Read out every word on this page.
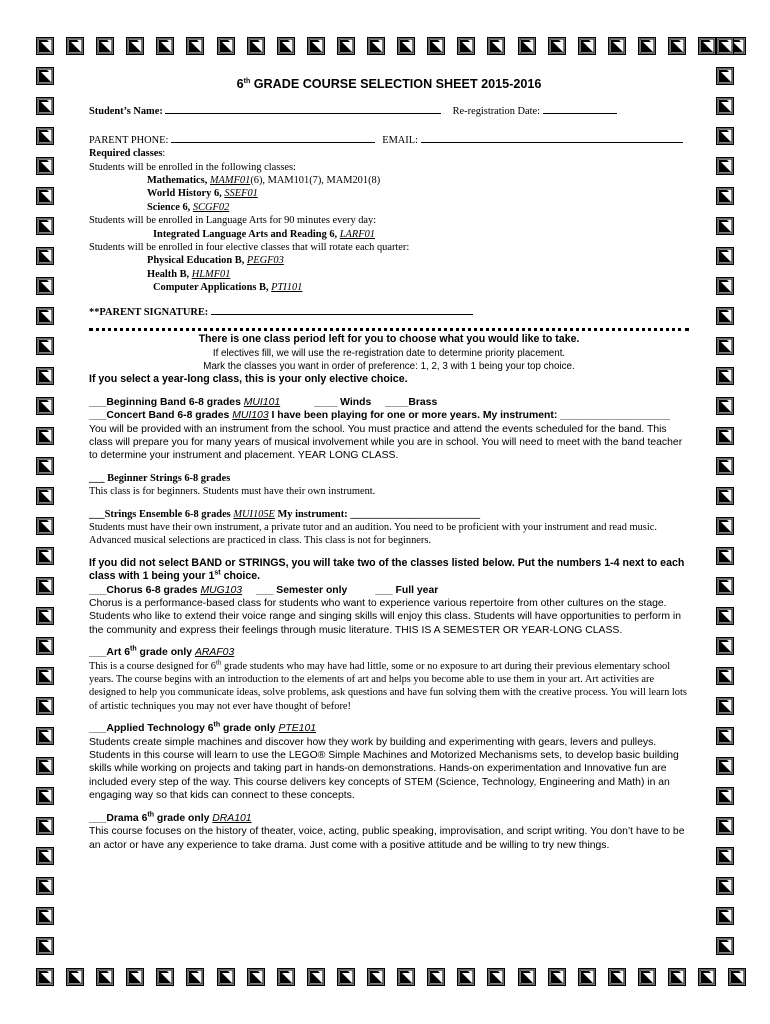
6th GRADE COURSE SELECTION SHEET 2015-2016
Student’s Name:	Re-registration Date:
PARENT PHONE:	EMAIL:
Required classes:
Students will be enrolled in the following classes:
Mathematics, MAMF01(6), MAM101(7), MAM201(8)
World History 6, SSEF01
Science 6, SCGF02
Students will be enrolled in Language Arts for 90 minutes every day:
Integrated Language Arts and Reading 6, LARF01
Students will be enrolled in four elective classes that will rotate each quarter:
Physical Education B, PEGF03
Health B, HLMF01
Computer Applications B, PTI101
**PARENT SIGNATURE:
There is one class period left for you to choose what you would like to take.
If electives fill, we will use the re-registration date to determine priority placement.
Mark the classes you want in order of preference: 1, 2, 3 with 1 being your top choice.
If you select a year-long class, this is your only elective choice.
___Beginning Band 6-8 grades MUI101	____ Winds ____Brass
___Concert Band 6-8 grades MUI103 I have been playing for one or more years. My instrument: ___________________
You will be provided with an instrument from the school. You must practice and attend the events scheduled for the band. This class will prepare you for many years of musical involvement while you are in school. You will need to meet with the band teacher to determine your instrument and placement. YEAR LONG CLASS.
___ Beginner Strings 6-8 grades
This class is for beginners. Students must have their own instrument.
___Strings Ensemble 6-8 grades MUI105E My instrument: _________________________
Students must have their own instrument, a private tutor and an audition. You need to be proficient with your instrument and read music. Advanced musical selections are practiced in class. This class is not for beginners.
If you did not select BAND or STRINGS, you will take two of the classes listed below. Put the numbers 1-4 next to each class with 1 being your 1st choice.
___Chorus 6-8 grades MUG103 ___ Semester only	___ Full year
Chorus is a performance-based class for students who want to experience various repertoire from other cultures on the stage. Students who like to extend their voice range and singing skills will enjoy this class. Students will have opportunities to perform in the community and express their feelings through music literature. THIS IS A SEMESTER OR YEAR-LONG CLASS.
___Art 6th grade only ARAF03
This is a course designed for 6th grade students who may have had little, some or no exposure to art during their previous elementary school years. The course begins with an introduction to the elements of art and helps you become able to use them in your art. Art activities are designed to help you communicate ideas, solve problems, ask questions and have fun solving them with the creative process. You will learn lots of artistic techniques you may not ever have thought of before!
___Applied Technology 6th grade only PTE101
Students create simple machines and discover how they work by building and experimenting with gears, levers and pulleys. Students in this course will learn to use the LEGO® Simple Machines and Motorized Mechanisms sets, to develop basic building skills while working on projects and taking part in hands-on demonstrations. Hands-on experimentation and Innovative fun are included every step of the way. This course delivers key concepts of STEM (Science, Technology, Engineering and Math) in an engaging way so that kids can connect to these concepts.
___Drama 6th grade only DRA101
This course focuses on the history of theater, voice, acting, public speaking, improvisation, and script writing. You don’t have to be an actor or have any experience to take drama. Just come with a positive attitude and be willing to try new things.
